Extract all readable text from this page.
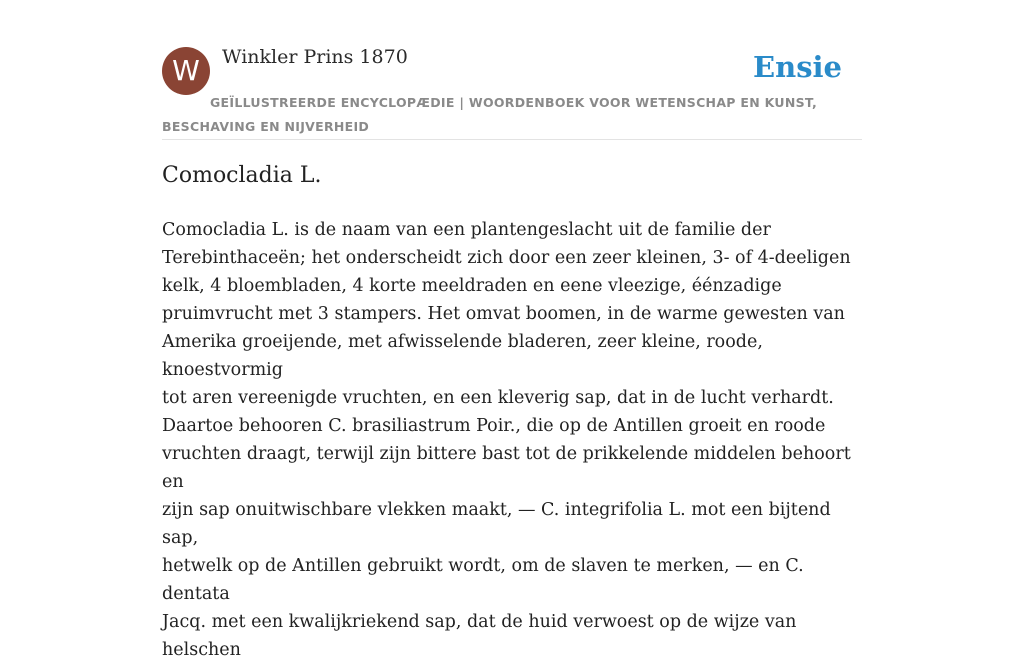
W	Winkler Prins 1870
GEÏLLUSTREERDE ENCYCLOPÆDIE | WOORDENBOEK VOOR WETENSCHAP EN KUNST, BESCHAVING EN NIJVERHEID
Ensie
Comocladia L.

Comocladia L. is de naam van een plantengeslacht uit de familie der
Terebinthaceën; het onderscheidt zich door een zeer kleinen, 3- of 4-deeligen
kelk, 4 bloembladen, 4 korte meeldraden en eene vleezige, éénzadige
pruimvrucht met 3 stampers. Het omvat boomen, in de warme gewesten van
Amerika groeijende, met afwisselende bladeren, zeer kleine, roode, knoestvormig
tot aren vereenigde vruchten, en een kleverig sap, dat in de lucht verhardt.
Daartoe behooren C. brasiliastrum Poir., die op de Antillen groeit en roode
vruchten draagt, terwijl zijn bittere bast tot de prikkelende middelen behoort en
zijn sap onuitwischbare vlekken maakt, — C. integrifolia L. mot een bijtend sap,
hetwelk op de Antillen gebruikt wordt, om de slaven te merken, — en C. dentata
Jacq. met een kwalijkriekend sap, dat de huid verwoest op de wijze van helschen
